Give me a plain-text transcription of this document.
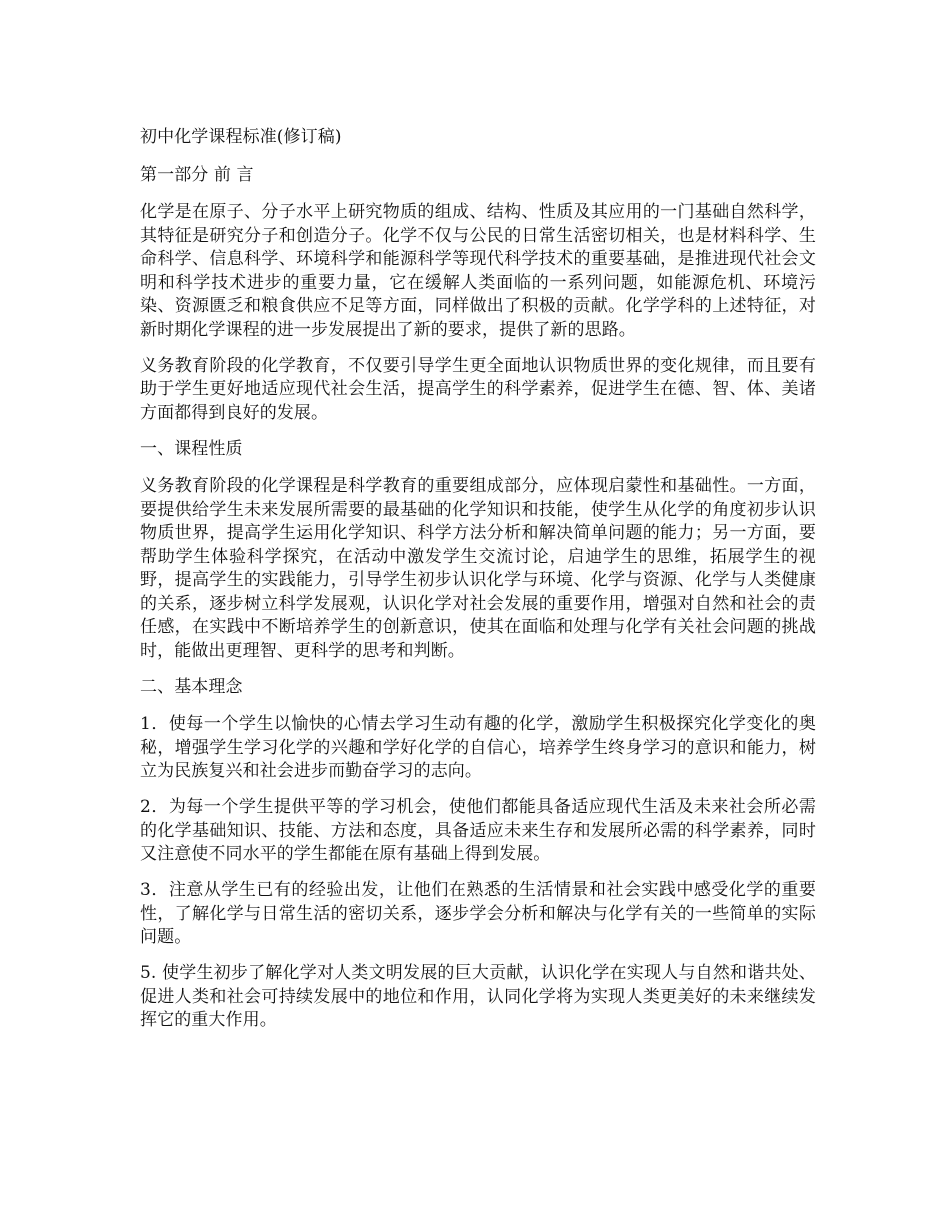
初中化学课程标准(修订稿)

第一部分 前 言

化学是在原子、分子水平上研究物质的组成、结构、性质及其应用的一门基础自然科学，其特征是研究分子和创造分子。化学不仅与公民的日常生活密切相关，也是材料科学、生命科学、信息科学、环境科学和能源科学等现代科学技术的重要基础，是推进现代社会文明和科学技术进步的重要力量，它在缓解人类面临的一系列问题，如能源危机、环境污染、资源匮乏和粮食供应不足等方面，同样做出了积极的贡献。化学学科的上述特征，对新时期化学课程的进一步发展提出了新的要求，提供了新的思路。

义务教育阶段的化学教育，不仅要引导学生更全面地认识物质世界的变化规律，而且要有助于学生更好地适应现代社会生活，提高学生的科学素养，促进学生在德、智、体、美诸方面都得到良好的发展。

一、课程性质

义务教育阶段的化学课程是科学教育的重要组成部分，应体现启蒙性和基础性。一方面，要提供给学生未来发展所需要的最基础的化学知识和技能，使学生从化学的角度初步认识物质世界，提高学生运用化学知识、科学方法分析和解决简单问题的能力；另一方面，要帮助学生体验科学探究，在活动中激发学生交流讨论，启迪学生的思维，拓展学生的视野，提高学生的实践能力，引导学生初步认识化学与环境、化学与资源、化学与人类健康的关系，逐步树立科学发展观，认识化学对社会发展的重要作用，增强对自然和社会的责任感，在实践中不断培养学生的创新意识，使其在面临和处理与化学有关社会问题的挑战时，能做出更理智、更科学的思考和判断。

二、基本理念

1．使每一个学生以愉快的心情去学习生动有趣的化学，激励学生积极探究化学变化的奥秘，增强学生学习化学的兴趣和学好化学的自信心，培养学生终身学习的意识和能力，树立为民族复兴和社会进步而勤奋学习的志向。

2．为每一个学生提供平等的学习机会，使他们都能具备适应现代生活及未来社会所必需的化学基础知识、技能、方法和态度，具备适应未来生存和发展所必需的科学素养，同时又注意使不同水平的学生都能在原有基础上得到发展。

3．注意从学生已有的经验出发，让他们在熟悉的生活情景和社会实践中感受化学的重要性，了解化学与日常生活的密切关系，逐步学会分析和解决与化学有关的一些简单的实际问题。

5. 使学生初步了解化学对人类文明发展的巨大贡献，认识化学在实现人与自然和谐共处、促进人类和社会可持续发展中的地位和作用，认同化学将为实现人类更美好的未来继续发挥它的重大作用。
